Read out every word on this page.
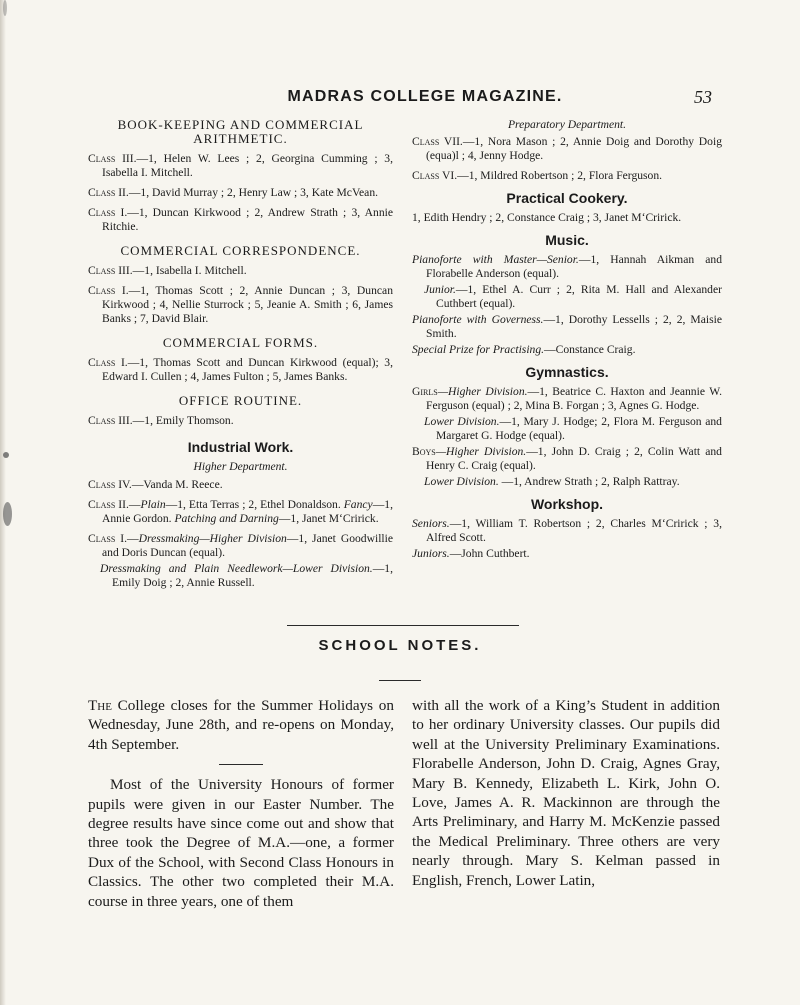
MADRAS COLLEGE MAGAZINE.	53
BOOK-KEEPING AND COMMERCIAL ARITHMETIC.
Class III.—1, Helen W. Lees ; 2, Georgina Cumming ; 3, Isabella I. Mitchell.
Class II.—1, David Murray ; 2, Henry Law ; 3, Kate McVean.
Class I.—1, Duncan Kirkwood ; 2, Andrew Strath ; 3, Annie Ritchie.
COMMERCIAL CORRESPONDENCE.
Class III.—1, Isabella I. Mitchell.
Class I.—1, Thomas Scott ; 2, Annie Duncan ; 3, Duncan Kirkwood ; 4, Nellie Sturrock ; 5, Jeanie A. Smith ; 6, James Banks ; 7, David Blair.
COMMERCIAL FORMS.
Class I.—1, Thomas Scott and Duncan Kirkwood (equal); 3, Edward I. Cullen ; 4, James Fulton ; 5, James Banks.
OFFICE ROUTINE.
Class III.—1, Emily Thomson.
Industrial Work.
Higher Department.
Class IV.—Vanda M. Reece.
Class II.—Plain—1, Etta Terras ; 2, Ethel Donaldson. Fancy—1, Annie Gordon. Patching and Darning—1, Janet M‘Cririck.
Class I.—Dressmaking—Higher Division—1, Janet Goodwillie and Doris Duncan (equal).
Dressmaking and Plain Needlework—Lower Division.—1, Emily Doig ; 2, Annie Russell.
Preparatory Department.
Class VII.—1, Nora Mason ; 2, Annie Doig and Dorothy Doig (equa)l ; 4, Jenny Hodge.
Class VI.—1, Mildred Robertson ; 2, Flora Ferguson.
Practical Cookery.
1, Edith Hendry ; 2, Constance Craig ; 3, Janet M‘Cririck.
Music.
Pianoforte with Master—Senior.—1, Hannah Aikman and Florabelle Anderson (equal).
Junior.—1, Ethel A. Curr ; 2, Rita M. Hall and Alexander Cuthbert (equal).
Pianoforte with Governess.—1, Dorothy Lessells ; 2, 2, Maisie Smith.
Special Prize for Practising.—Constance Craig.
Gymnastics.
Girls—Higher Division.—1, Beatrice C. Haxton and Jeannie W. Ferguson (equal) ; 2, Mina B. Forgan ; 3, Agnes G. Hodge.
Lower Division.—1, Mary J. Hodge; 2, Flora M. Ferguson and Margaret G. Hodge (equal).
Boys—Higher Division.—1, John D. Craig ; 2, Colin Watt and Henry C. Craig (equal).
Lower Division. —1, Andrew Strath ; 2, Ralph Rattray.
Workshop.
Seniors.—1, William T. Robertson ; 2, Charles M‘Cririck ; 3, Alfred Scott.
Juniors.—John Cuthbert.
SCHOOL NOTES.

The College closes for the Summer Holidays on Wednesday, June 28th, and re-opens on Monday, 4th September.

Most of the University Honours of former pupils were given in our Easter Number. The degree results have since come out and show that three took the Degree of M.A.—one, a former Dux of the School, with Second Class Honours in Classics. The other two completed their M.A. course in three years, one of them

with all the work of a King’s Student in addition to her ordinary University classes. Our pupils did well at the University Preliminary Examinations. Florabelle Anderson, John D. Craig, Agnes Gray, Mary B. Kennedy, Elizabeth L. Kirk, John O. Love, James A. R. Mackinnon are through the Arts Preliminary, and Harry M. McKenzie passed the Medical Preliminary. Three others are very nearly through. Mary S. Kelman passed in English, French, Lower Latin,
